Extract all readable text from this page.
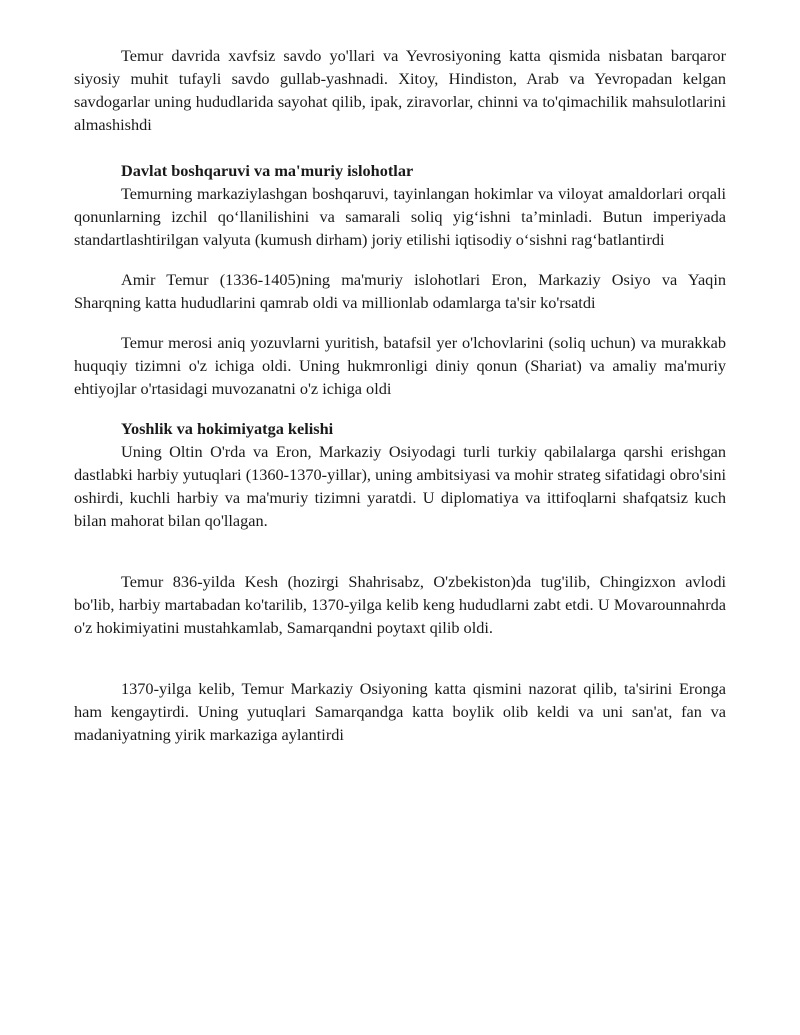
Temur davrida xavfsiz savdo yo'llari va Yevrosiyoning katta qismida nisbatan barqaror siyosiy muhit tufayli savdo gullab-yashnadi. Xitoy, Hindiston, Arab va Yevropadan kelgan savdogarlar uning hududlarida sayohat qilib, ipak, ziravorlar, chinni va to'qimachilik mahsulotlarini almashishdi

Davlat boshqaruvi va ma'muriy islohotlar

Temurning markaziylashgan boshqaruvi, tayinlangan hokimlar va viloyat amaldorlari orqali qonunlarning izchil qo‘llanilishini va samarali soliq yig‘ishni ta’minladi. Butun imperiyada standartlashtirilgan valyuta (kumush dirham) joriy etilishi iqtisodiy o‘sishni rag‘batlantirdi

Amir Temur (1336-1405)ning ma'muriy islohotlari Eron, Markaziy Osiyo va Yaqin Sharqning katta hududlarini qamrab oldi va millionlab odamlarga ta'sir ko'rsatdi

Temur merosi aniq yozuvlarni yuritish, batafsil yer o'lchovlarini (soliq uchun) va murakkab huquqiy tizimni o'z ichiga oldi. Uning hukmronligi diniy qonun (Shariat) va amaliy ma'muriy ehtiyojlar o'rtasidagi muvozanatni o'z ichiga oldi

Yoshlik va hokimiyatga kelishi

Uning Oltin O'rda va Eron, Markaziy Osiyodagi turli turkiy qabilalarga qarshi erishgan dastlabki harbiy yutuqlari (1360-1370-yillar), uning ambitsiyasi va mohir strateg sifatidagi obro'sini oshirdi, kuchli harbiy va ma'muriy tizimni yaratdi. U diplomatiya va ittifoqlarni shafqatsiz kuch bilan mahorat bilan qo'llagan.

Temur 836-yilda Kesh (hozirgi Shahrisabz, O'zbekiston)da tug'ilib, Chingizxon avlodi bo'lib, harbiy martabadan ko'tarilib, 1370-yilga kelib keng hududlarni zabt etdi. U Movarounnahrda o'z hokimiyatini mustahkamlab, Samarqandni poytaxt qilib oldi.

1370-yilga kelib, Temur Markaziy Osiyoning katta qismini nazorat qilib, ta'sirini Eronga ham kengaytirdi. Uning yutuqlari Samarqandga katta boylik olib keldi va uni san'at, fan va madaniyatning yirik markaziga aylantirdi
